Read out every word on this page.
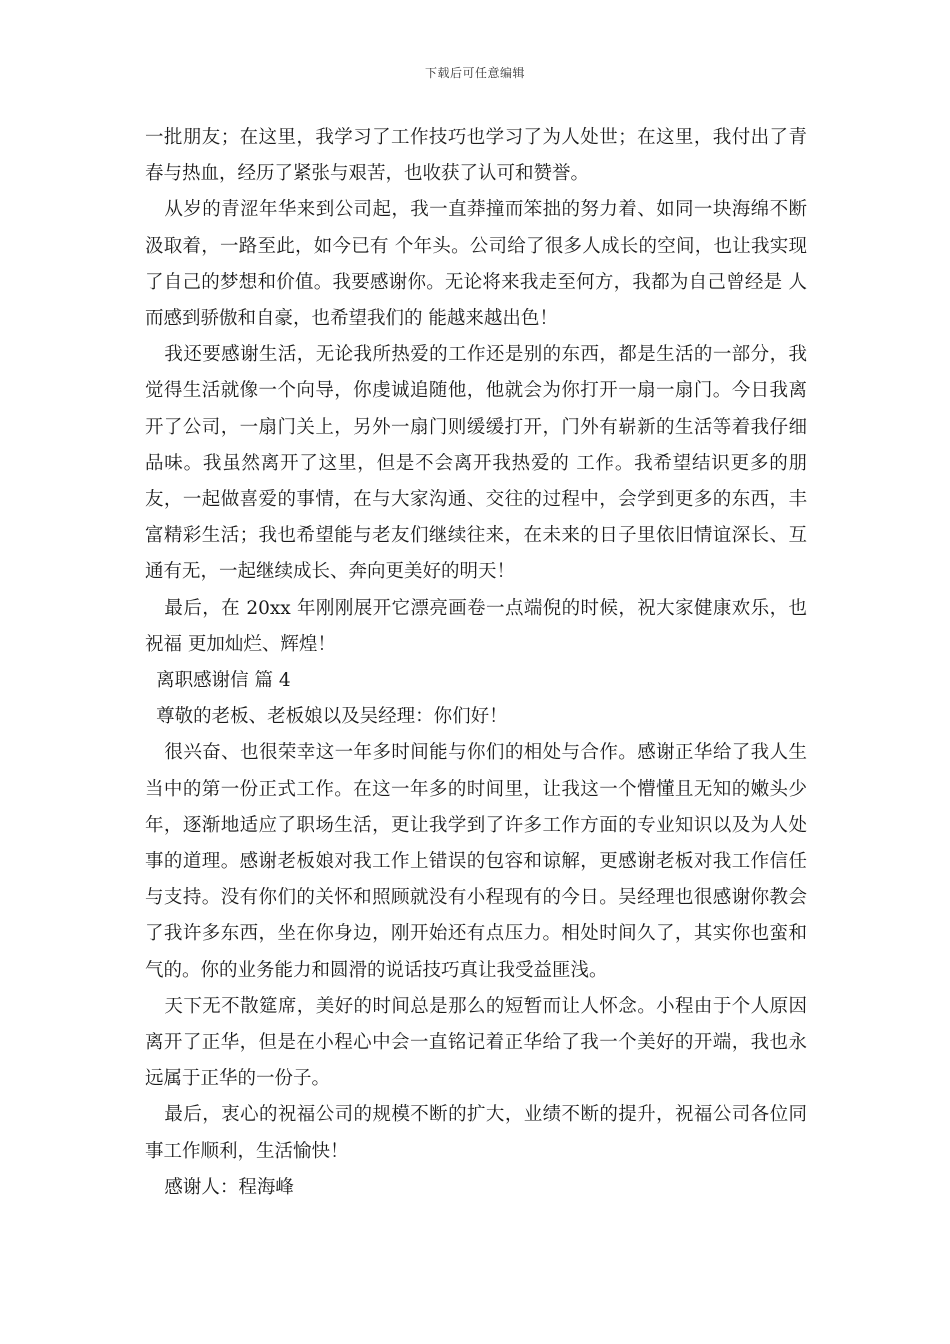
下载后可任意编辑

一批朋友；在这里，我学习了工作技巧也学习了为人处世；在这里，我付出了青春与热血，经历了紧张与艰苦，也收获了认可和赞誉。

从岁的青涩年华来到公司起，我一直莽撞而笨拙的努力着、如同一块海绵不断汲取着，一路至此，如今已有 个年头。公司给了很多人成长的空间，也让我实现了自己的梦想和价值。我要感谢你。无论将来我走至何方，我都为自己曾经是 人而感到骄傲和自豪，也希望我们的 能越来越出色！

我还要感谢生活，无论我所热爱的工作还是别的东西，都是生活的一部分，我觉得生活就像一个向导，你虔诚追随他，他就会为你打开一扇一扇门。今日我离开了公司，一扇门关上，另外一扇门则缓缓打开，门外有崭新的生活等着我仔细品味。我虽然离开了这里，但是不会离开我热爱的 工作。我希望结识更多的朋友，一起做喜爱的事情，在与大家沟通、交往的过程中，会学到更多的东西，丰富精彩生活；我也希望能与老友们继续往来，在未来的日子里依旧情谊深长、互通有无，一起继续成长、奔向更美好的明天！

最后，在 20xx 年刚刚展开它漂亮画卷一点端倪的时候，祝大家健康欢乐，也祝福 更加灿烂、辉煌！

离职感谢信 篇 4

尊敬的老板、老板娘以及吴经理：你们好！

很兴奋、也很荣幸这一年多时间能与你们的相处与合作。感谢正华给了我人生当中的第一份正式工作。在这一年多的时间里，让我这一个懵懂且无知的嫩头少年，逐渐地适应了职场生活，更让我学到了许多工作方面的专业知识以及为人处事的道理。感谢老板娘对我工作上错误的包容和谅解，更感谢老板对我工作信任与支持。没有你们的关怀和照顾就没有小程现有的今日。吴经理也很感谢你教会了我许多东西，坐在你身边，刚开始还有点压力。相处时间久了，其实你也蛮和气的。你的业务能力和圆滑的说话技巧真让我受益匪浅。

天下无不散筵席，美好的时间总是那么的短暂而让人怀念。小程由于个人原因离开了正华，但是在小程心中会一直铭记着正华给了我一个美好的开端，我也永远属于正华的一份子。

最后，衷心的祝福公司的规模不断的扩大，业绩不断的提升，祝福公司各位同事工作顺利，生活愉快！

感谢人：程海峰
